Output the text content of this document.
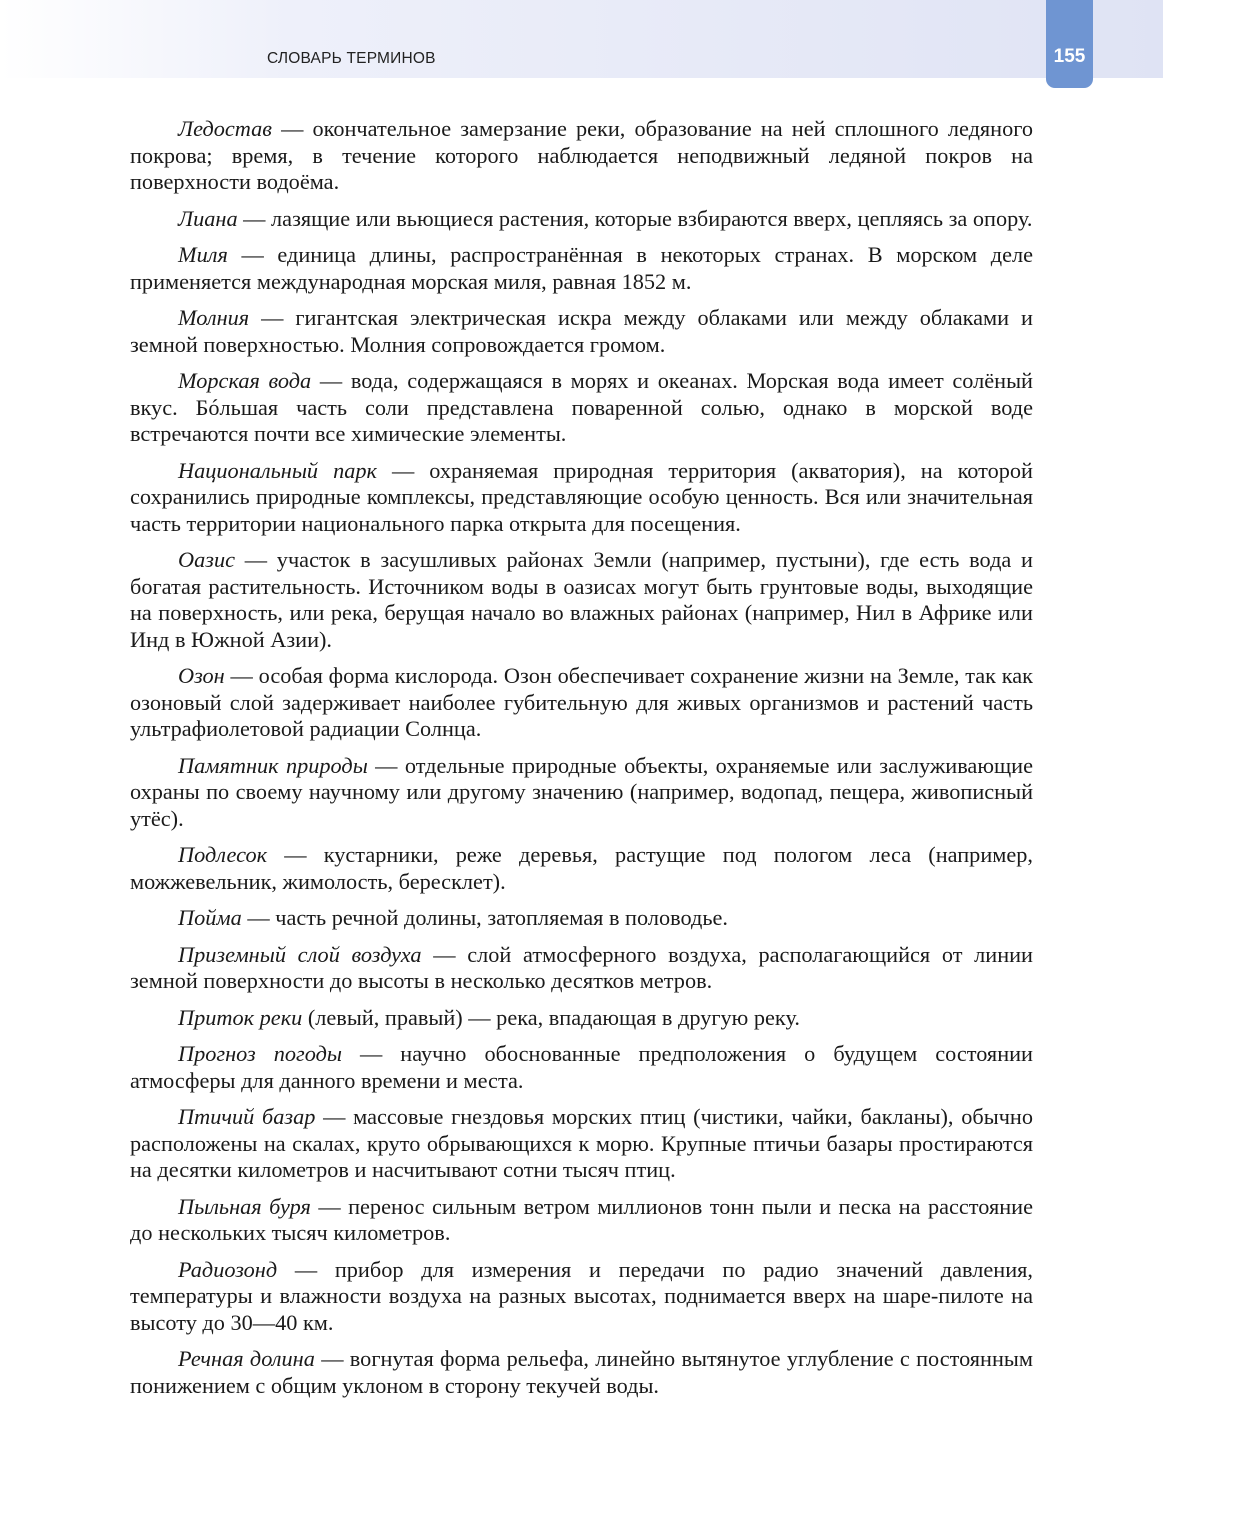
СЛОВАРЬ ТЕРМИНОВ	155

Ледостав — окончательное замерзание реки, образование на ней сплошного ледяного покрова; время, в течение которого наблюдается неподвижный ледяной покров на поверхности водоёма.

Лиана — лазящие или вьющиеся растения, которые взбираются вверх, цепляясь за опору.

Миля — единица длины, распространённая в некоторых странах. В морском деле применяется международная морская миля, равная 1852 м.

Молния — гигантская электрическая искра между облаками или между облаками и земной поверхностью. Молния сопровождается громом.

Морская вода — вода, содержащаяся в морях и океанах. Морская вода имеет солёный вкус. Бóльшая часть соли представлена поваренной солью, однако в морской воде встречаются почти все химические элементы.

Национальный парк — охраняемая природная территория (акватория), на которой сохранились природные комплексы, представляющие особую ценность. Вся или значительная часть территории национального парка открыта для посещения.

Оазис — участок в засушливых районах Земли (например, пустыни), где есть вода и богатая растительность. Источником воды в оазисах могут быть грунтовые воды, выходящие на поверхность, или река, берущая начало во влажных районах (например, Нил в Африке или Инд в Южной Азии).

Озон — особая форма кислорода. Озон обеспечивает сохранение жизни на Земле, так как озоновый слой задерживает наиболее губительную для живых организмов и растений часть ультрафиолетовой радиации Солнца.

Памятник природы — отдельные природные объекты, охраняемые или заслуживающие охраны по своему научному или другому значению (например, водопад, пещера, живописный утёс).

Подлесок — кустарники, реже деревья, растущие под пологом леса (например, можжевельник, жимолость, бересклет).

Пойма — часть речной долины, затопляемая в половодье.

Приземный слой воздуха — слой атмосферного воздуха, располагающийся от линии земной поверхности до высоты в несколько десятков метров.

Приток реки (левый, правый) — река, впадающая в другую реку.

Прогноз погоды — научно обоснованные предположения о будущем состоянии атмосферы для данного времени и места.

Птичий базар — массовые гнездовья морских птиц (чистики, чайки, бакланы), обычно расположены на скалах, круто обрывающихся к морю. Крупные птичьи базары простираются на десятки километров и насчитывают сотни тысяч птиц.

Пыльная буря — перенос сильным ветром миллионов тонн пыли и песка на расстояние до нескольких тысяч километров.

Радиозонд — прибор для измерения и передачи по радио значений давления, температуры и влажности воздуха на разных высотах, поднимается вверх на шаре-пилоте на высоту до 30—40 км.

Речная долина — вогнутая форма рельефа, линейно вытянутое углубление с постоянным понижением с общим уклоном в сторону текучей воды.
